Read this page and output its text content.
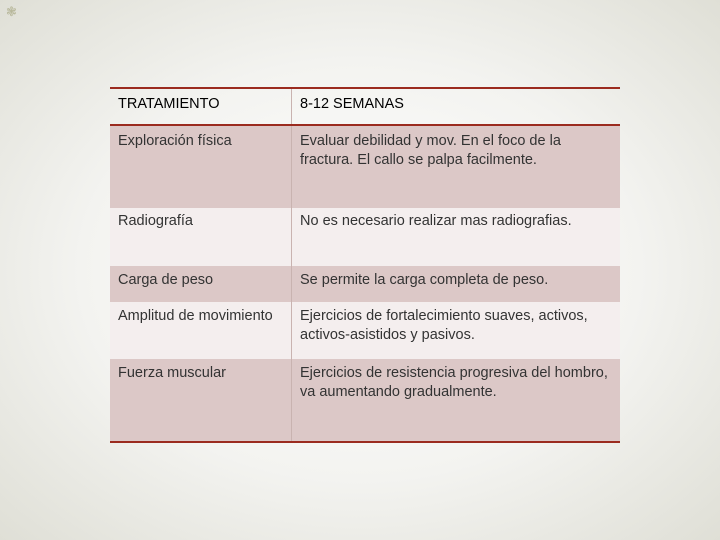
❃
TRATAMIENTO	8-12 SEMANAS
Exploración física	Evaluar debilidad y mov. En el foco de la fractura. El callo se palpa facilmente.
Radiografía	No es necesario realizar mas radiografias.
Carga de peso	Se permite la carga completa de peso.
Amplitud de movimiento	Ejercicios de fortalecimiento suaves, activos, activos-asistidos y pasivos.
Fuerza muscular	Ejercicios de resistencia progresiva del hombro, va aumentando gradualmente.
